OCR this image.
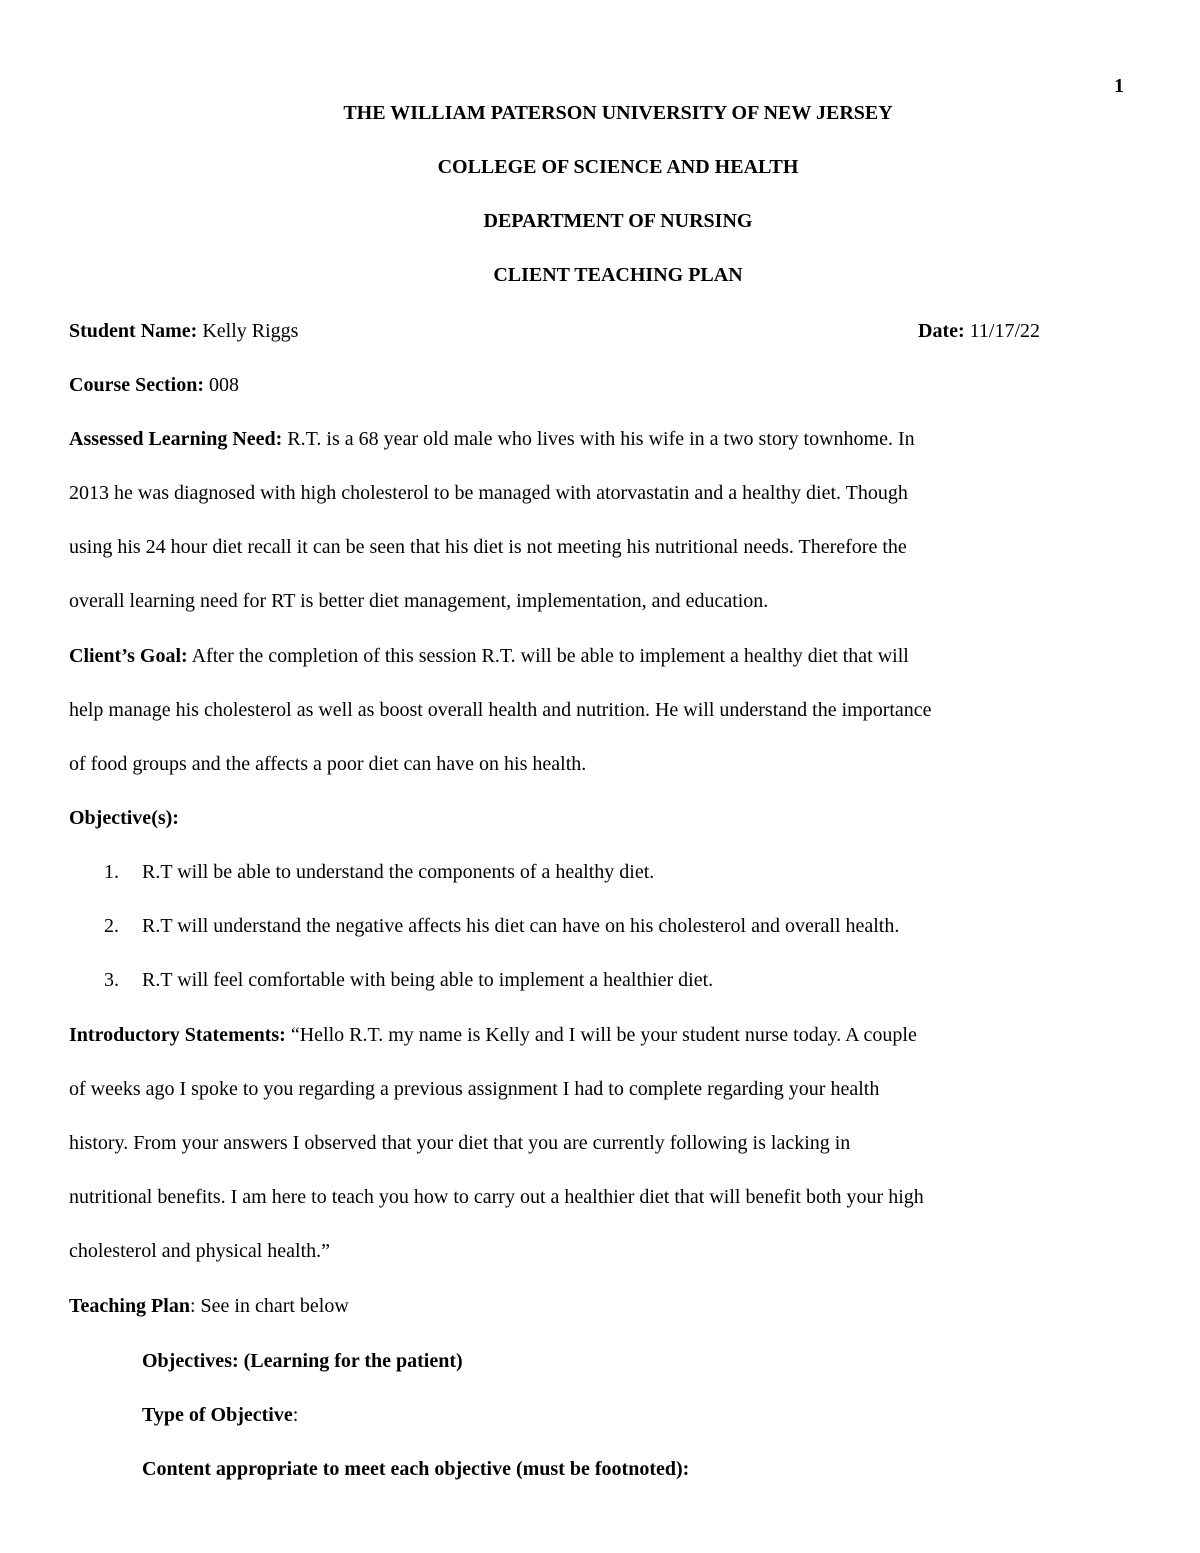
1
THE WILLIAM PATERSON UNIVERSITY OF NEW JERSEY
COLLEGE OF SCIENCE AND HEALTH
DEPARTMENT OF NURSING
CLIENT TEACHING PLAN
Student Name: Kelly Riggs	Date: 11/17/22
Course Section: 008
Assessed Learning Need: R.T. is a 68 year old male who lives with his wife in a two story townhome. In
2013 he was diagnosed with high cholesterol to be managed with atorvastatin and a healthy diet. Though
using his 24 hour diet recall it can be seen that his diet is not meeting his nutritional needs. Therefore the
overall learning need for RT is better diet management, implementation, and education.
Client’s Goal: After the completion of this session R.T. will be able to implement a healthy diet that will
help manage his cholesterol as well as boost overall health and nutrition. He will understand the importance
of food groups and the affects a poor diet can have on his health.
Objective(s):
1. R.T will be able to understand the components of a healthy diet.
2. R.T will understand the negative affects his diet can have on his cholesterol and overall health.
3. R.T will feel comfortable with being able to implement a healthier diet.
Introductory Statements: “Hello R.T. my name is Kelly and I will be your student nurse today. A couple
of weeks ago I spoke to you regarding a previous assignment I had to complete regarding your health
history. From your answers I observed that your diet that you are currently following is lacking in
nutritional benefits. I am here to teach you how to carry out a healthier diet that will benefit both your high
cholesterol and physical health.”
Teaching Plan: See in chart below
Objectives: (Learning for the patient)
Type of Objective:
Content appropriate to meet each objective (must be footnoted):
